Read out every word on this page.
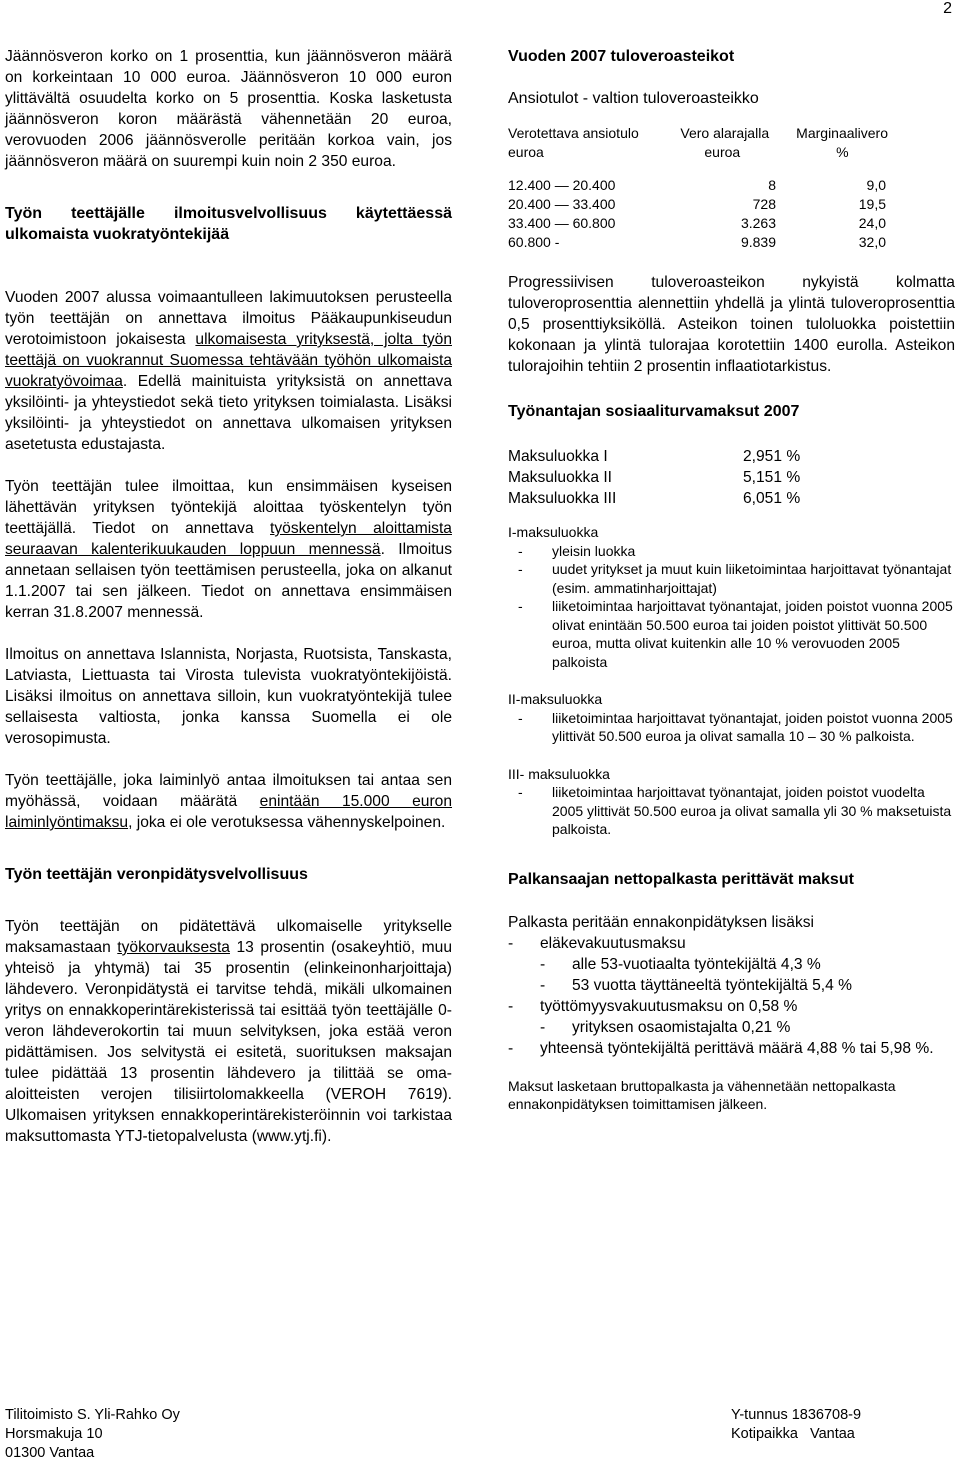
2

Jäännösveron korko on 1 prosenttia, kun jäännösveron määrä on korkeintaan 10 000 euroa. Jäännösveron 10 000 euron ylittävältä osuudelta korko on 5 prosenttia. Koska lasketusta jäännösveron koron määrästä vähennetään 20 euroa, verovuoden 2006 jäännösverolle peritään korkoa vain, jos jäännösveron määrä on suurempi kuin noin 2 350 euroa.

Työn teettäjälle ilmoitusvelvollisuus käytettäessä ulkomaista vuokratyöntekijää

Vuoden 2007 alussa voimaantulleen lakimuutoksen perusteella työn teettäjän on annettava ilmoitus Pääkaupunkiseudun verotoimistoon jokaisesta ulkomaisesta yrityksestä, jolta työn teettäjä on vuokrannut Suomessa tehtävään työhön ulkomaista vuokratyövoimaa. Edellä mainituista yrityksistä on annettava yksilöinti- ja yhteystiedot sekä tieto yrityksen toimialasta. Lisäksi yksilöinti- ja yhteystiedot on annettava ulkomaisen yrityksen asetetusta edustajasta.

Työn teettäjän tulee ilmoittaa, kun ensimmäisen kyseisen lähettävän yrityksen työntekijä aloittaa työskentelyn työn teettäjällä. Tiedot on annettava työskentelyn aloittamista seuraavan kalenterikuukauden loppuun mennessä. Ilmoitus annetaan sellaisen työn teettämisen perusteella, joka on alkanut 1.1.2007 tai sen jälkeen. Tiedot on annettava ensimmäisen kerran 31.8.2007 mennessä.

Ilmoitus on annettava Islannista, Norjasta, Ruotsista, Tanskasta, Latviasta, Liettuasta tai Virosta tulevista vuokratyöntekijöistä. Lisäksi ilmoitus on annettava silloin, kun vuokratyöntekijä tulee sellaisesta valtiosta, jonka kanssa Suomella ei ole verosopimusta.

Työn teettäjälle, joka laiminlyö antaa ilmoituksen tai antaa sen myöhässä, voidaan määrätä enintään 15.000 euron laiminlyöntimaksu, joka ei ole verotuksessa vähennyskelpoinen.

Työn teettäjän veronpidätysvelvollisuus

Työn teettäjän on pidätettävä ulkomaiselle yritykselle maksamastaan työkorvauksesta 13 prosentin (osakeyhtiö, muu yhteisö ja yhtymä) tai 35 prosentin (elinkeinonharjoittaja) lähdevero. Veronpidätystä ei tarvitse tehdä, mikäli ulkomainen yritys on ennakkoperintärekisterissä tai esittää työn teettäjälle 0-veron lähdeverokortin tai muun selvityksen, joka estää veron pidättämisen. Jos selvitystä ei esitetä, suorituksen maksajan tulee pidättää 13 prosentin lähdevero ja tilittää se oma-aloitteisten verojen tilisiirtolomakkeella (VEROH 7619). Ulkomaisen yrityksen ennakkoperintärekisteröinnin voi tarkistaa maksuttomasta YTJ-tietopalvelusta (www.ytj.fi).

Vuoden 2007 tuloveroasteikot

Ansiotulot - valtion tuloveroasteikko

Verotettava ansiotulo	Vero alarajalla	Marginaalivero
euroa	euroa	%
12.400 — 20.400	8	9,0
20.400 — 33.400	728	19,5
33.400 — 60.800	3.263	24,0
60.800 -	9.839	32,0

Progressiivisen tuloveroasteikon nykyistä kolmatta tuloveroprosenttia alennettiin yhdellä ja ylintä tuloveroprosenttia 0,5 prosenttiyksiköllä. Asteikon toinen tuloluokka poistettiin kokonaan ja ylintä tulorajaa korotettiin 1400 eurolla. Asteikon tulorajoihin tehtiin 2 prosentin inflaatiotarkistus.

Työnantajan sosiaaliturvamaksut 2007

Maksuluokka I	2,951 %
Maksuluokka II	5,151 %
Maksuluokka III	6,051 %
I-maksuluokka
- yleisin luokka
- uudet yritykset ja muut kuin liiketoimintaa harjoittavat työnantajat (esim. ammatinharjoittajat)
- liiketoimintaa harjoittavat työnantajat, joiden poistot vuonna 2005 olivat enintään 50.500 euroa tai joiden poistot ylittivät 50.500 euroa, mutta olivat kuitenkin alle 10 % verovuoden 2005 palkoista
II-maksuluokka
- liiketoimintaa harjoittavat työnantajat, joiden poistot vuonna 2005 ylittivät 50.500 euroa ja olivat samalla 10 – 30 % palkoista.
III- maksuluokka
- liiketoimintaa harjoittavat työnantajat, joiden poistot vuodelta 2005 ylittivät 50.500 euroa ja olivat samalla yli 30 % maksetuista palkoista.

Palkansaajan nettopalkasta perittävät maksut

Palkasta peritään ennakonpidätyksen lisäksi

- eläkevakuutusmaksu
- alle 53-vuotiaalta työntekijältä 4,3 %
- 53 vuotta täyttäneeltä työntekijältä 5,4 %
- työttömyysvakuutusmaksu on 0,58 %
- yrityksen osaomistajalta 0,21 %
- yhteensä työntekijältä perittävä määrä 4,88 % tai 5,98 %.

Maksut lasketaan bruttopalkasta ja vähennetään nettopalkasta ennakonpidätyksen toimittamisen jälkeen.

Tilitoimisto S. Yli-Rahko Oy
Horsmakuja 10
01300 Vantaa
Y-tunnus 1836708-9
Kotipaikka   Vantaa
